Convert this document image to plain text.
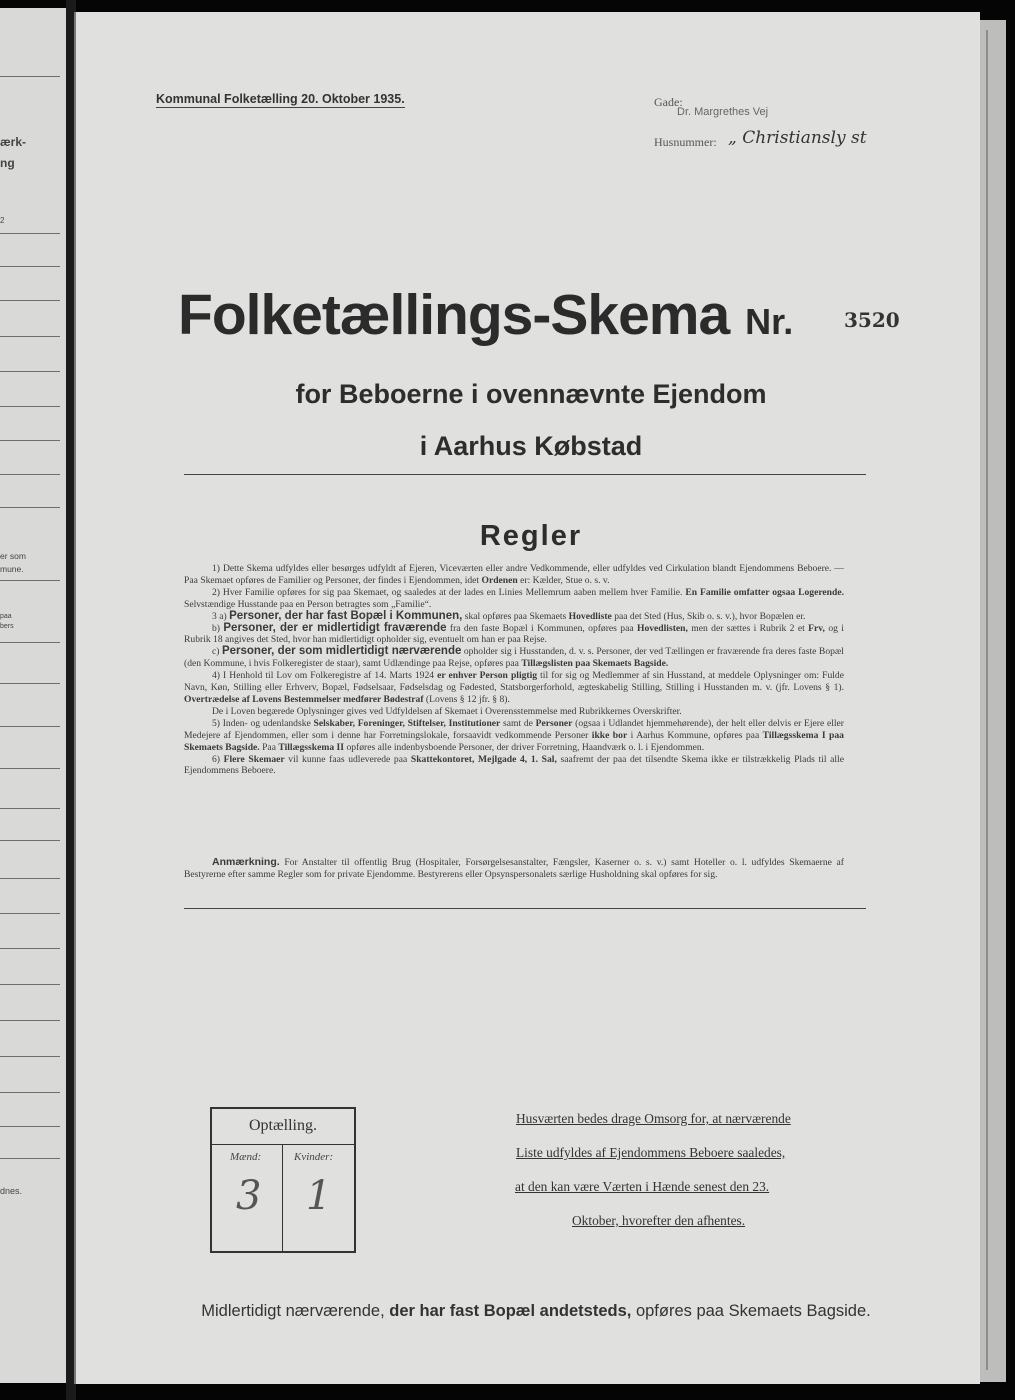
ærk-
ng
2
er som
mune.
paa
bers
dnes.
Kommunal Folketælling 20. Oktober 1935.	Gade:
Dr. Margrethes Vej
Husnummer: „ Christiansly st
Folketællings-Skema Nr.	3520
for Beboerne i ovennævnte Ejendom
i Aarhus Købstad
Regler

1) Dette Skema udfyldes eller besørges udfyldt af Ejeren, Viceværten eller andre Vedkommende, eller udfyldes ved Cirkulation blandt Ejendommens Beboere. — Paa Skemaet opføres de Familier og Personer, der findes i Ejendommen, idet Ordenen er: Kælder, Stue o. s. v.

2) Hver Familie opføres for sig paa Skemaet, og saaledes at der lades en Linies Mellemrum aaben mellem hver Familie. En Familie omfatter ogsaa Logerende. Selvstændige Husstande paa en Person betragtes som „Familie“.

3 a) Personer, der har fast Bopæl i Kommunen, skal opføres paa Skemaets Hovedliste paa det Sted (Hus, Skib o. s. v.), hvor Bopælen er.

b) Personer, der er midlertidigt fraværende fra den faste Bopæl i Kommunen, opføres paa Hovedlisten, men der sættes i Rubrik 2 et Frv, og i Rubrik 18 angives det Sted, hvor han midlertidigt opholder sig, eventuelt om han er paa Rejse.

c) Personer, der som midlertidigt nærværende opholder sig i Husstanden, d. v. s. Personer, der ved Tællingen er fraværende fra deres faste Bopæl (den Kommune, i hvis Folkeregister de staar), samt Udlændinge paa Rejse, opføres paa Tillægslisten paa Skemaets Bagside.

4) I Henhold til Lov om Folkeregistre af 14. Marts 1924 er enhver Person pligtig til for sig og Medlemmer af sin Husstand, at meddele Oplysninger om: Fulde Navn, Køn, Stilling eller Erhverv, Bopæl, Fødselsaar, Fødselsdag og Fødested, Statsborgerforhold, ægteskabelig Stilling, Stilling i Husstanden m. v. (jfr. Lovens § 1). Overtrædelse af Lovens Bestemmelser medfører Bødestraf (Lovens § 12 jfr. § 8).

De i Loven begærede Oplysninger gives ved Udfyldelsen af Skemaet i Overensstemmelse med Rubrikkernes Overskrifter.

5) Inden- og udenlandske Selskaber, Foreninger, Stiftelser, Institutioner samt de Personer (ogsaa i Udlandet hjemmehørende), der helt eller delvis er Ejere eller Medejere af Ejendommen, eller som i denne har Forretningslokale, forsaavidt vedkommende Personer ikke bor i Aarhus Kommune, opføres paa Tillægsskema I paa Skemaets Bagside. Paa Tillægsskema II opføres alle indenbysboende Personer, der driver Forretning, Haandværk o. l. i Ejendommen.

6) Flere Skemaer vil kunne faas udleverede paa Skattekontoret, Mejlgade 4, 1. Sal, saafremt der paa det tilsendte Skema ikke er tilstrækkelig Plads til alle Ejendommens Beboere.

Anmærkning. For Anstalter til offentlig Brug (Hospitaler, Forsørgelsesanstalter, Fængsler, Kaserner o. s. v.) samt Hoteller o. l. udfyldes Skemaerne af Bestyrerne efter samme Regler som for private Ejendomme. Bestyrerens eller Opsynspersonalets særlige Husholdning skal opføres for sig.

Optælling.
Mænd:	Kvinder:
3 1
Husværten bedes drage Omsorg for, at nærværende
Liste udfyldes af Ejendommens Beboere saaledes,
at den kan være Værten i Hænde senest den 23.
Oktober, hvorefter den afhentes.
Midlertidigt nærværende, der har fast Bopæl andetsteds, opføres paa Skemaets Bagside.
